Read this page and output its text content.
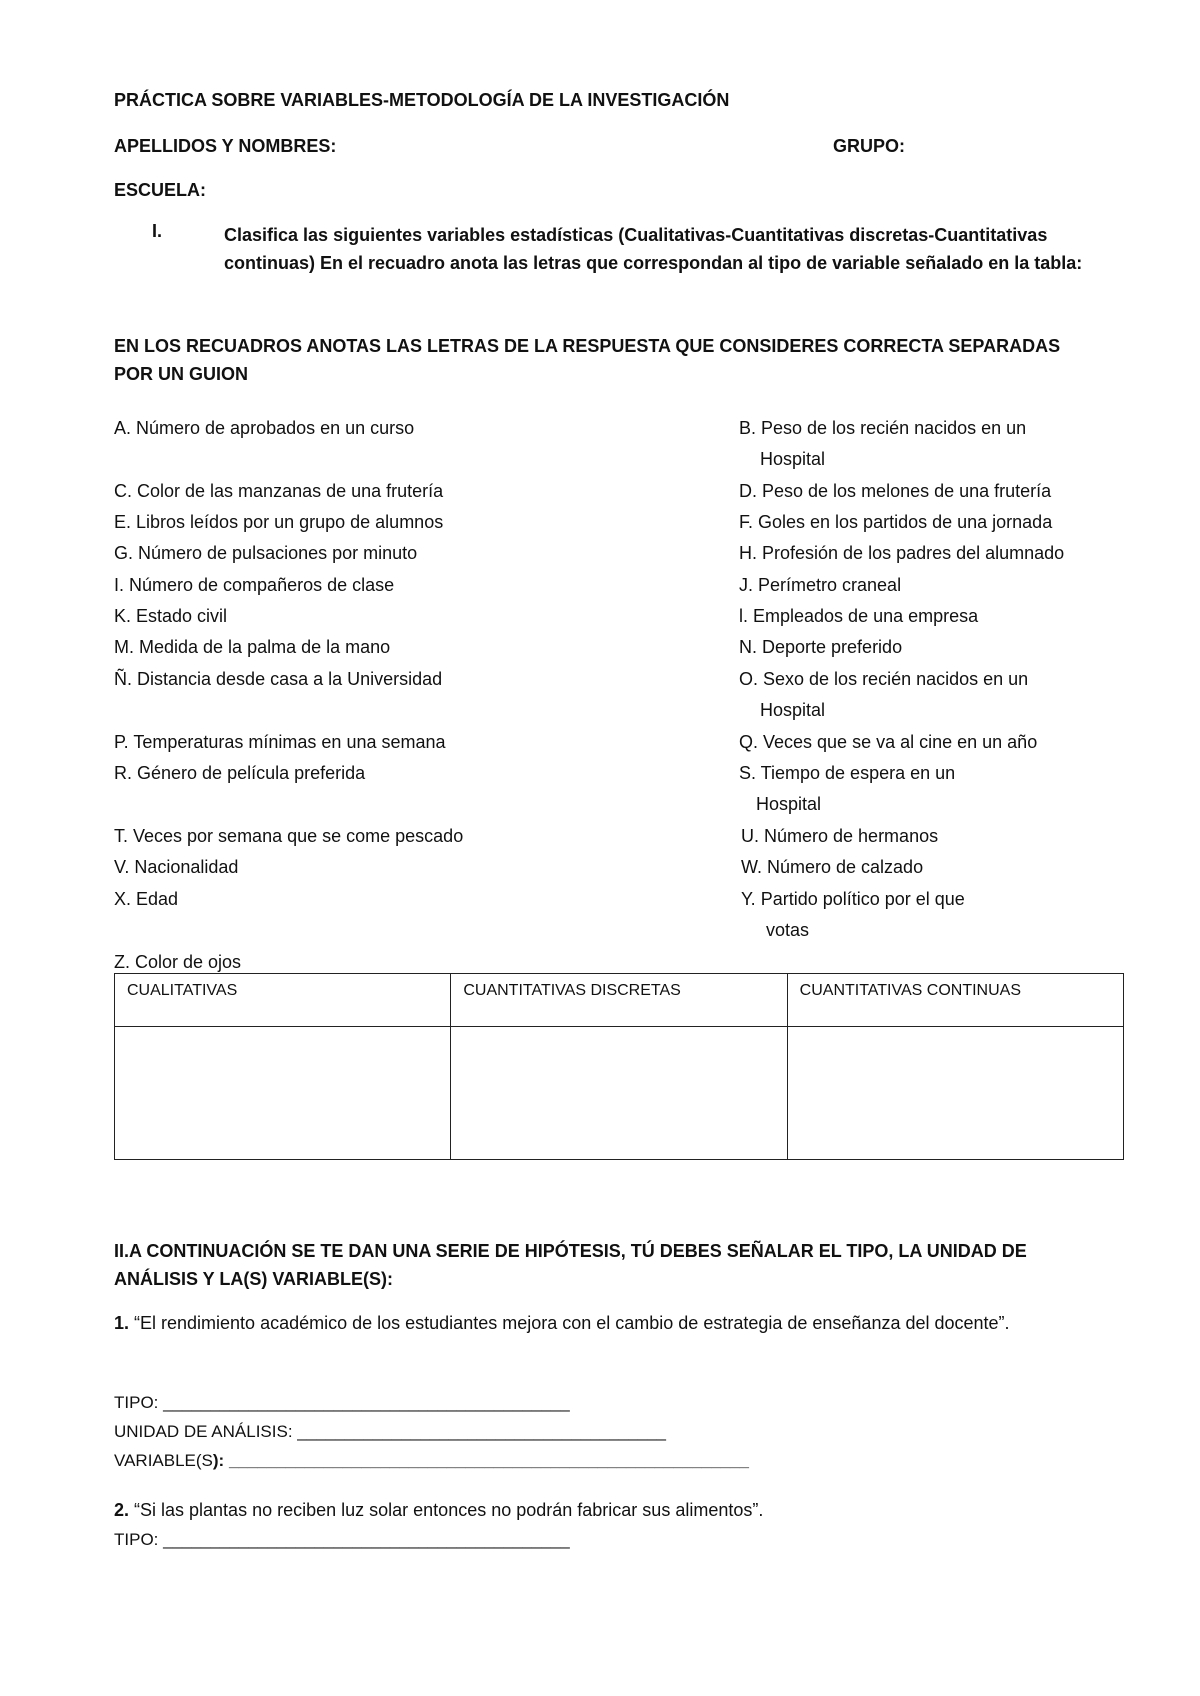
PRÁCTICA SOBRE VARIABLES-METODOLOGÍA DE LA INVESTIGACIÓN
APELLIDOS Y NOMBRES:	GRUPO:
ESCUELA:
I.	Clasifica las siguientes variables estadísticas (Cualitativas-Cuantitativas discretas-Cuantitativas continuas) En el recuadro anota las letras que correspondan al tipo de variable señalado en la tabla:
EN LOS RECUADROS ANOTAS LAS LETRAS DE LA RESPUESTA QUE CONSIDERES CORRECTA SEPARADAS POR UN GUION
A. Número de aprobados en un curso
C. Color de las manzanas de una frutería
E. Libros leídos por un grupo de alumnos
G. Número de pulsaciones por minuto
I. Número de compañeros de clase
K. Estado civil
M. Medida de la palma de la mano
Ñ. Distancia desde casa a la Universidad
P. Temperaturas mínimas en una semana
R. Género de película preferida
T. Veces por semana que se come pescado
V. Nacionalidad
X. Edad
Z. Color de ojos
B. Peso de los recién nacidos en un
Hospital
D. Peso de los melones de una frutería
F. Goles en los partidos de una jornada
H. Profesión de los padres del alumnado
J. Perímetro craneal
l. Empleados de una empresa
N. Deporte preferido
O. Sexo de los recién nacidos en un
Hospital
Q. Veces que se va al cine en un año
S. Tiempo de espera en un
Hospital
U. Número de hermanos
W. Número de calzado
Y. Partido político por el que
votas
CUALITATIVAS	CUANTITATIVAS DISCRETAS	CUANTITATIVAS CONTINUAS

II.A CONTINUACIÓN SE TE DAN UNA SERIE DE HIPÓTESIS, TÚ DEBES SEÑALAR EL TIPO, LA UNIDAD DE ANÁLISIS Y LA(S) VARIABLE(S):
1. “El rendimiento académico de los estudiantes mejora con el cambio de estrategia de enseñanza del docente”.
TIPO: ___________________________________________
UNIDAD DE ANÁLISIS: _______________________________________
VARIABLE(S): _______________________________________________________
2. “Si las plantas no reciben luz solar entonces no podrán fabricar sus alimentos”.
TIPO: ___________________________________________
